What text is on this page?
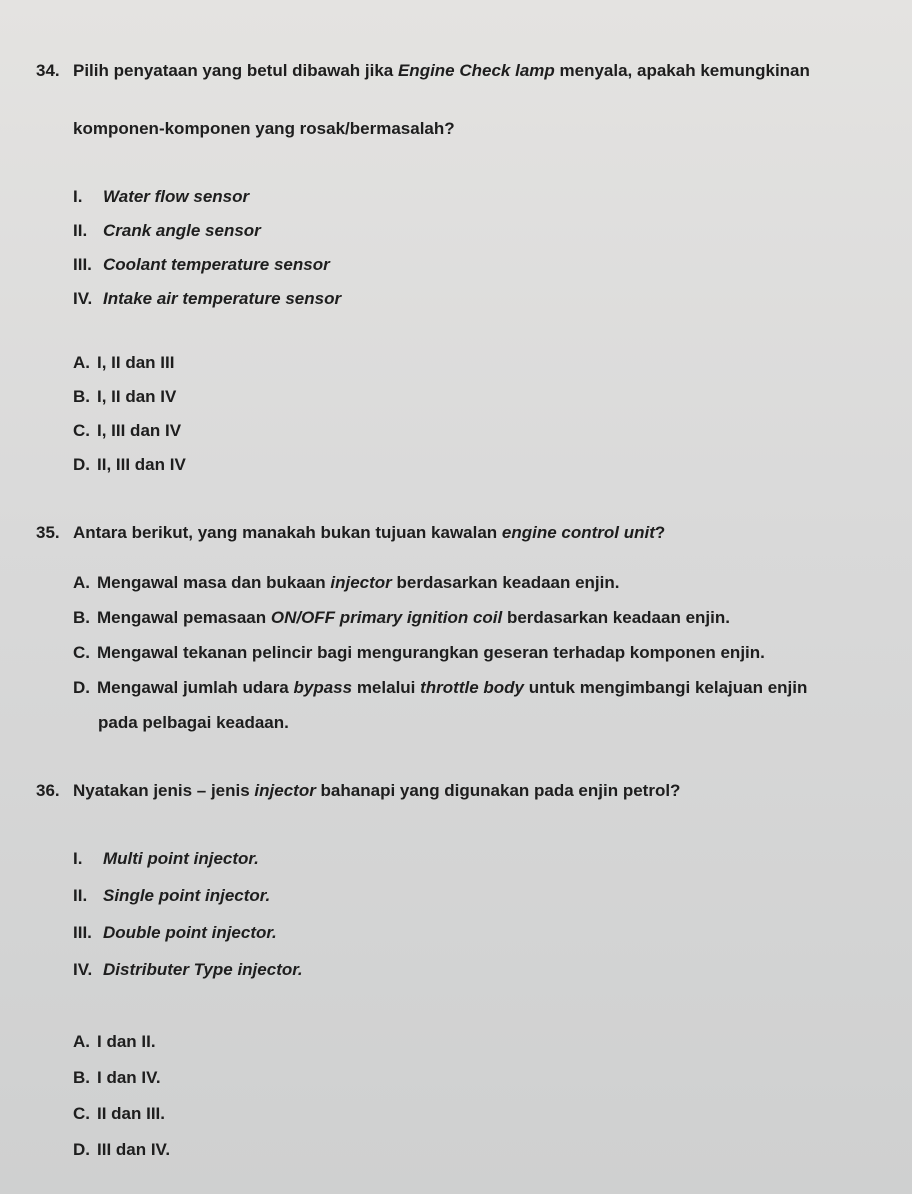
34. Pilih penyataan yang betul dibawah jika Engine Check lamp menyala, apakah kemungkinan
komponen-komponen yang rosak/bermasalah?
I. Water flow sensor
II. Crank angle sensor
III. Coolant temperature sensor
IV. Intake air temperature sensor
A. I, II dan III
B. I, II dan IV
C. I, III dan IV
D. II, III dan IV
35. Antara berikut, yang manakah bukan tujuan kawalan engine control unit?
A. Mengawal masa dan bukaan injector berdasarkan keadaan enjin.
B. Mengawal pemasaan ON/OFF primary ignition coil berdasarkan keadaan enjin.
C. Mengawal tekanan pelincir bagi mengurangkan geseran terhadap komponen enjin.
D. Mengawal jumlah udara bypass melalui throttle body untuk mengimbangi kelajuan enjin
pada pelbagai keadaan.
36. Nyatakan jenis – jenis injector bahanapi yang digunakan pada enjin petrol?
I. Multi point injector.
II. Single point injector.
III. Double point injector.
IV. Distributer Type injector.
A. I dan II.
B. I dan IV.
C. II dan III.
D. III dan IV.
